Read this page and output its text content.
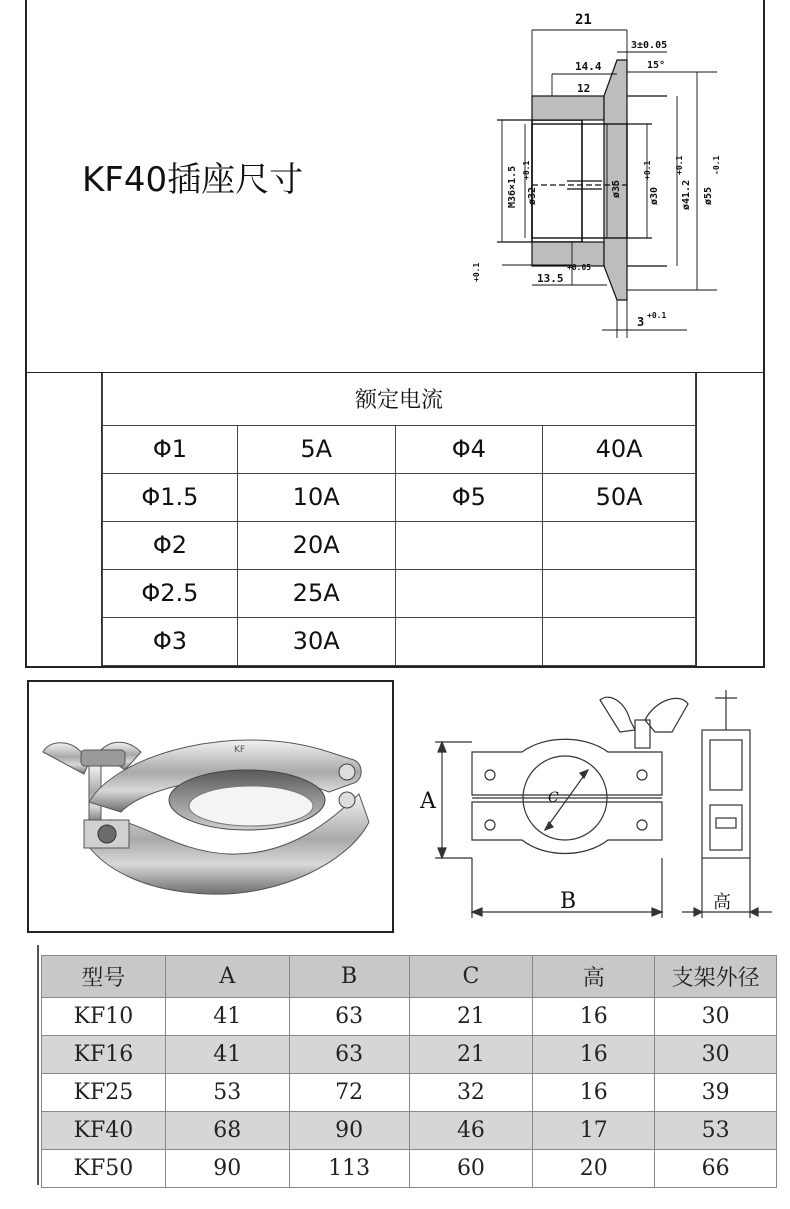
KF40插座尺寸
21
3±0.05
14.4	15°
12
M36×1.5 ø32
+0.1
ø35	ø30
+0.1
ø41.2
+0.1
ø55
-0.1
+0.1	13.5
+0.05
3 +0.1
额定电流			
Φ1	5A	Φ4	40A
Φ1.5	10A	Φ5	50A
Φ2	20A		
Φ2.5	25A		
Φ3	30A		
KF
A
B
C
高
型号	A	B	C	高	支架外径
KF10	41	63	21	16	30
KF16	41	63	21	16	30
KF25	53	72	32	16	39
KF40	68	90	46	17	53
KF50	90	113	60	20	66
